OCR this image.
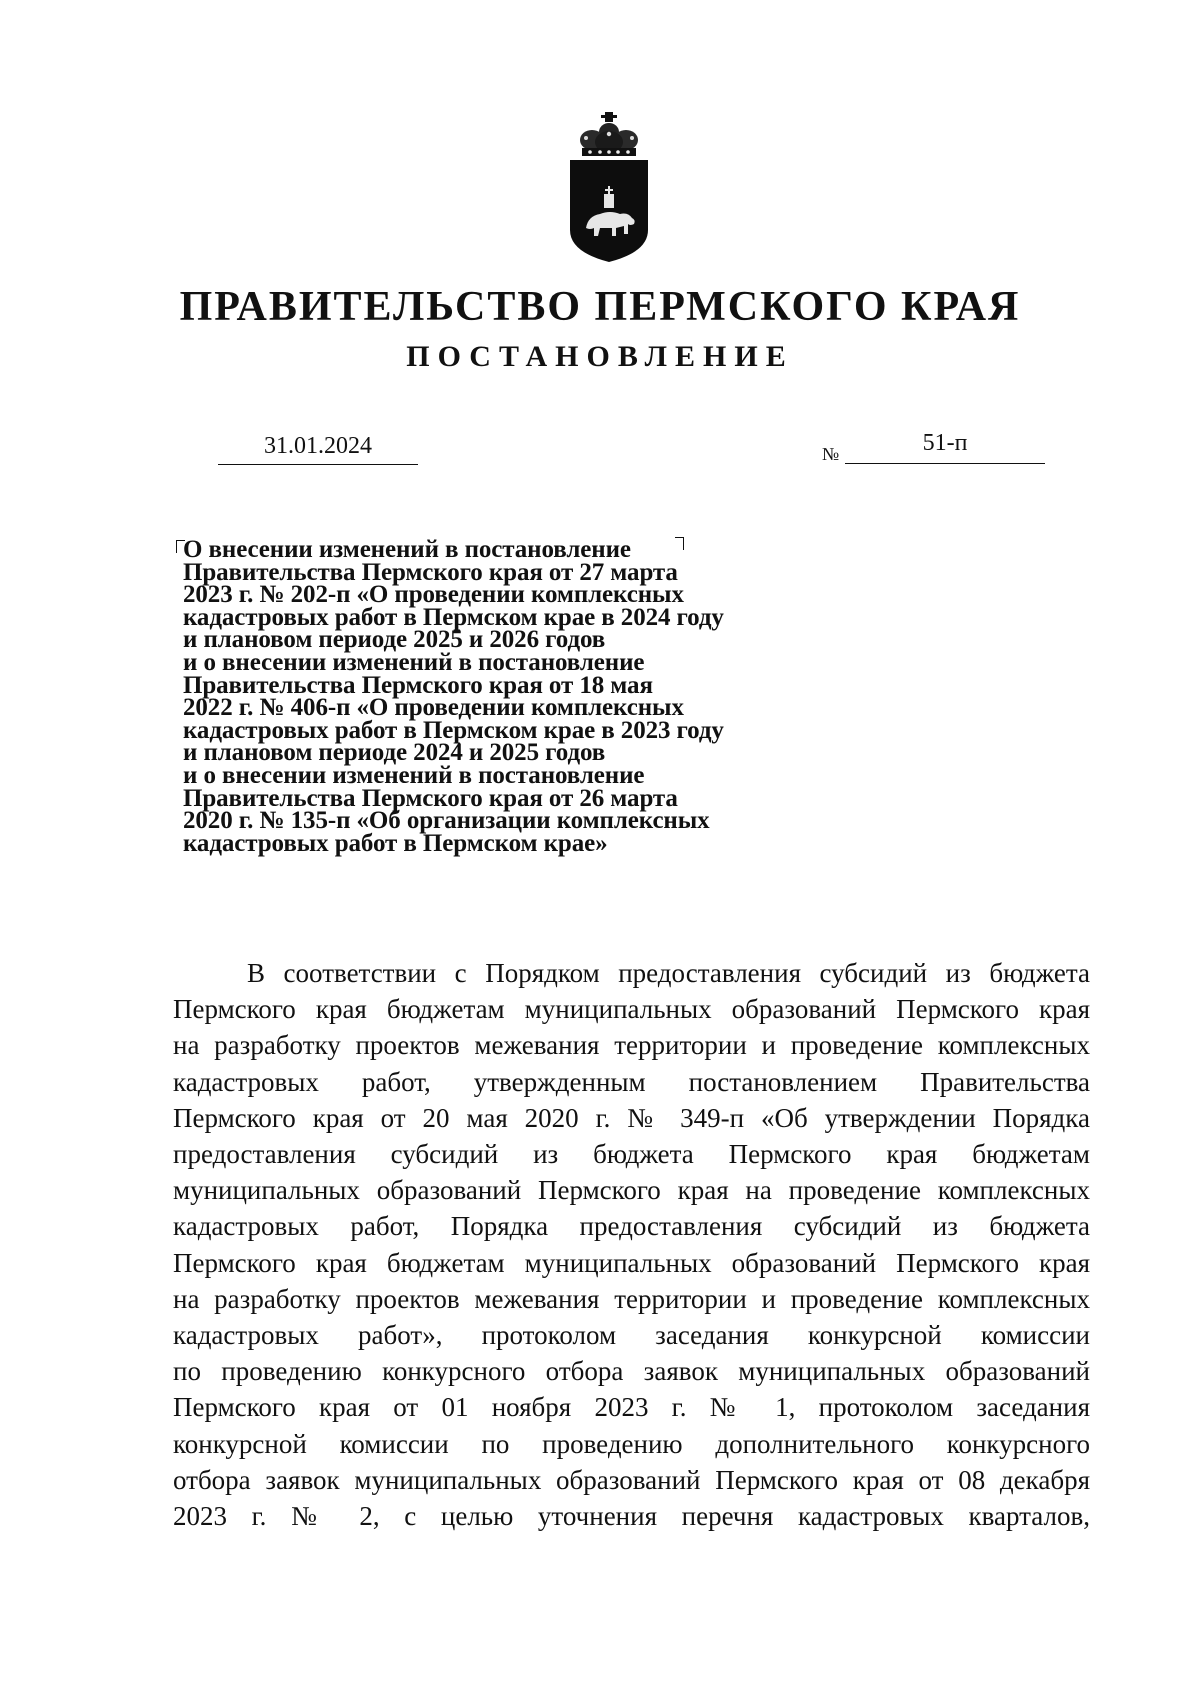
ПРАВИТЕЛЬСТВО ПЕРМСКОГО КРАЯ
ПОСТАНОВЛЕНИЕ
31.01.2024	№	51-п
О внесении изменений в постановление
Правительства Пермского края от 27 марта
2023 г. № 202-п «О проведении комплексных
кадастровых работ в Пермском крае в 2024 году
и плановом периоде 2025 и 2026 годов
и о внесении изменений в постановление
Правительства Пермского края от 18 мая
2022 г. № 406-п «О проведении комплексных
кадастровых работ в Пермском крае в 2023 году
и плановом периоде 2024 и 2025 годов
и о внесении изменений в постановление
Правительства Пермского края от 26 марта
2020 г. № 135-п «Об организации комплексных
кадастровых работ в Пермском крае»
В соответствии с Порядком предоставления субсидий из бюджета
Пермского края бюджетам муниципальных образований Пермского края
на разработку проектов межевания территории и проведение комплексных
кадастровых работ, утвержденным постановлением Правительства
Пермского края от 20 мая 2020 г. № 349-п «Об утверждении Порядка
предоставления субсидий из бюджета Пермского края бюджетам
муниципальных образований Пермского края на проведение комплексных
кадастровых работ, Порядка предоставления субсидий из бюджета
Пермского края бюджетам муниципальных образований Пермского края
на разработку проектов межевания территории и проведение комплексных
кадастровых работ», протоколом заседания конкурсной комиссии
по проведению конкурсного отбора заявок муниципальных образований
Пермского края от 01 ноября 2023 г. № 1, протоколом заседания
конкурсной комиссии по проведению дополнительного конкурсного
отбора заявок муниципальных образований Пермского края от 08 декабря
2023 г. № 2, с целью уточнения перечня кадастровых кварталов,
